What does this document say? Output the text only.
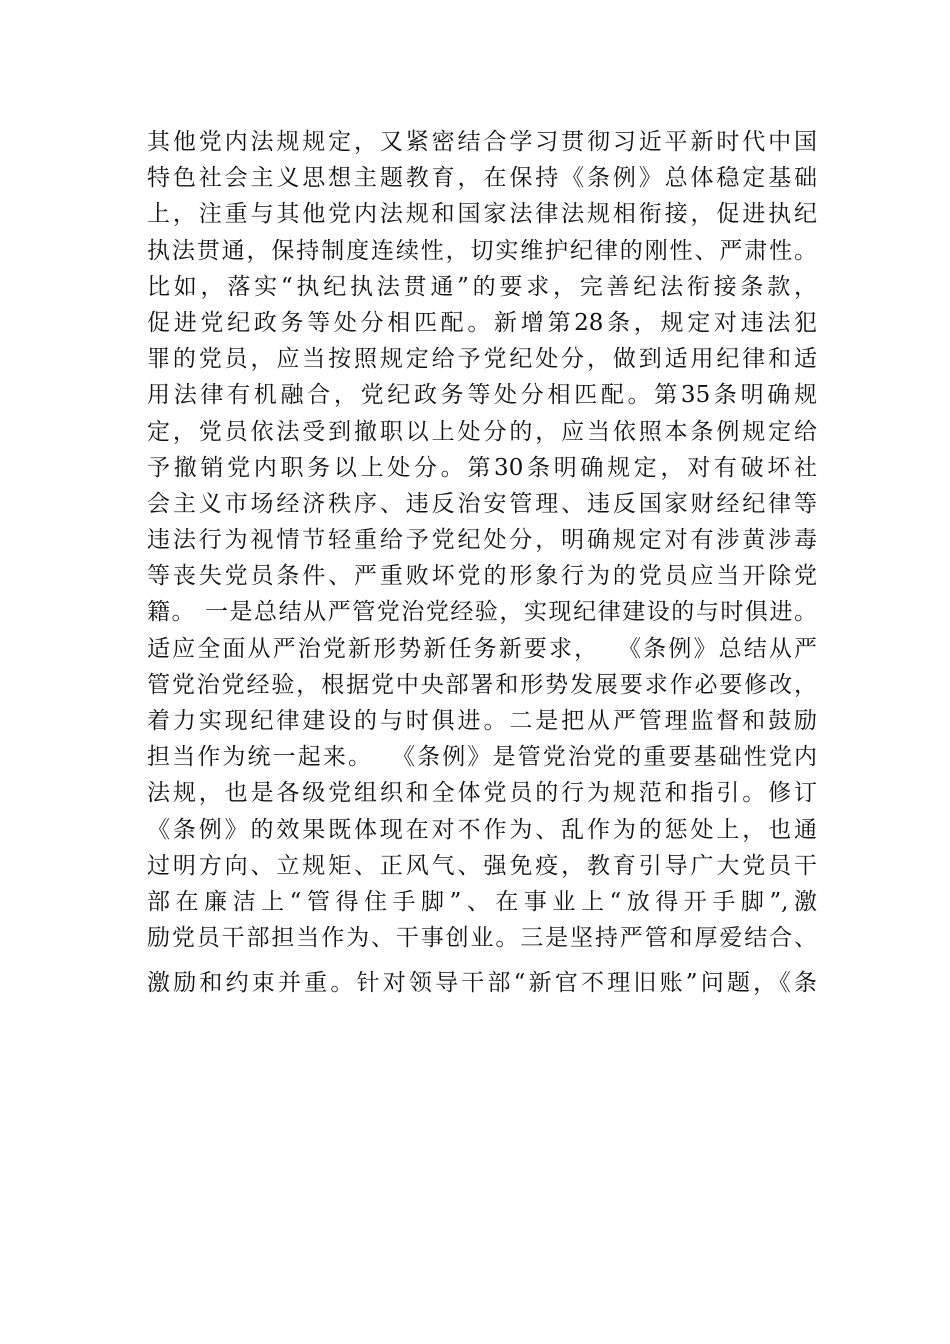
其他党内法规规定，又紧密结合学习贯彻习近平新时代中国
特色社会主义思想主题教育，在保持《条例》总体稳定基础
上，注重与其他党内法规和国家法律法规相衔接，促进执纪
执法贯通，保持制度连续性，切实维护纪律的刚性、严肃性。
比如，落实“执纪执法贯通”的要求，完善纪法衔接条款，
促进党纪政务等处分相匹配。新增第28条，规定对违法犯
罪的党员，应当按照规定给予党纪处分，做到适用纪律和适
用法律有机融合，党纪政务等处分相匹配。第35条明确规
定，党员依法受到撤职以上处分的，应当依照本条例规定给
予撤销党内职务以上处分。第30条明确规定，对有破坏社
会主义市场经济秩序、违反治安管理、违反国家财经纪律等
违法行为视情节轻重给予党纪处分，明确规定对有涉黄涉毒
等丧失党员条件、严重败坏党的形象行为的党员应当开除党
籍。 一是总结从严管党治党经验，实现纪律建设的与时俱进。
适应全面从严治党新形势新任务新要求，  《条例》总结从严
管党治党经验，根据党中央部署和形势发展要求作必要修改，
着力实现纪律建设的与时俱进。二是把从严管理监督和鼓励
担当作为统一起来。  《条例》是管党治党的重要基础性党内
法规，也是各级党组织和全体党员的行为规范和指引。修订
《条例》的效果既体现在对不作为、乱作为的惩处上，也通
过明方向、立规矩、正风气、强免疫，教育引导广大党员干
部在廉洁上“管得住手脚”、在事业上“放得开手脚”,激
励党员干部担当作为、干事创业。三是坚持严管和厚爱结合、
激励和约束并重。针对领导干部“新官不理旧账”问题，《条
